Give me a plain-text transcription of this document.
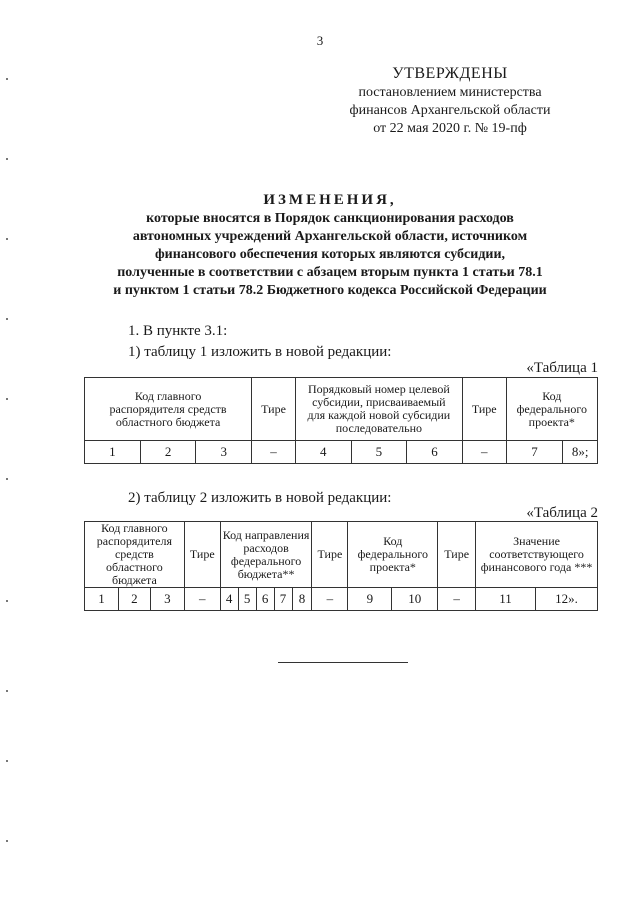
3
УТВЕРЖДЕНЫ
постановлением министерства
финансов Архангельской области
от 22 мая 2020 г. № 19-пф
ИЗМЕНЕНИЯ,
которые вносятся в Порядок санкционирования расходов
автономных учреждений Архангельской области, источником
финансового обеспечения которых являются субсидии,
полученные в соответствии с абзацем вторым пункта 1 статьи 78.1
и пунктом 1 статьи 78.2 Бюджетного кодекса Российской Федерации
1. В пункте 3.1:
1) таблицу 1 изложить в новой редакции:
«Таблица 1
Код главного распорядителя средств областного бюджета			Тире	Порядковый номер целевой субсидии, присваиваемый для каждой новой субсидии последовательно			Тире	Код федерального проекта*	
1	2	3	–	4	5	6	–	7	8»;
2) таблицу 2 изложить в новой редакции:
«Таблица 2
Код главного распорядителя средств областного бюджета			Тире	Код направления расходов федерального бюджета**					Тире	Код федерального проекта*		Тире	Значение соответствующего финансового года ***	
1	2	3	–	4	5	6	7	8	–	9	10	–	11	12».
